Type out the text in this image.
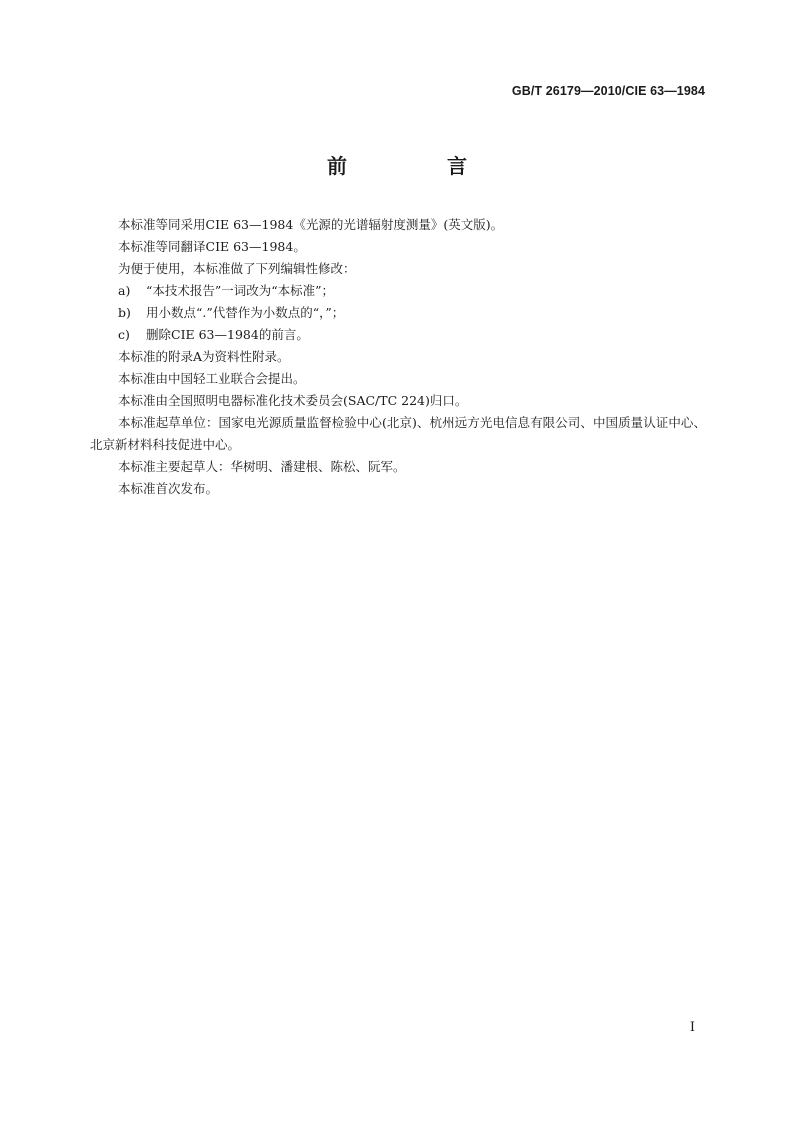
GB/T 26179—2010/CIE 63—1984
前　言

本标准等同采用CIE 63—1984《光源的光谱辐射度测量》(英文版)。

本标准等同翻译CIE 63—1984。

为便于使用，本标准做了下列编辑性修改：

a) “本技术报告”一词改为“本标准”；

b) 用小数点“.”代替作为小数点的“，”；

c) 删除CIE 63—1984的前言。

本标准的附录A为资料性附录。

本标准由中国轻工业联合会提出。

本标准由全国照明电器标准化技术委员会(SAC/TC 224)归口。

本标准起草单位：国家电光源质量监督检验中心(北京)、杭州远方光电信息有限公司、中国质量认证中心、北京新材料科技促进中心。

本标准主要起草人：华树明、潘建根、陈松、阮军。

本标准首次发布。

I
